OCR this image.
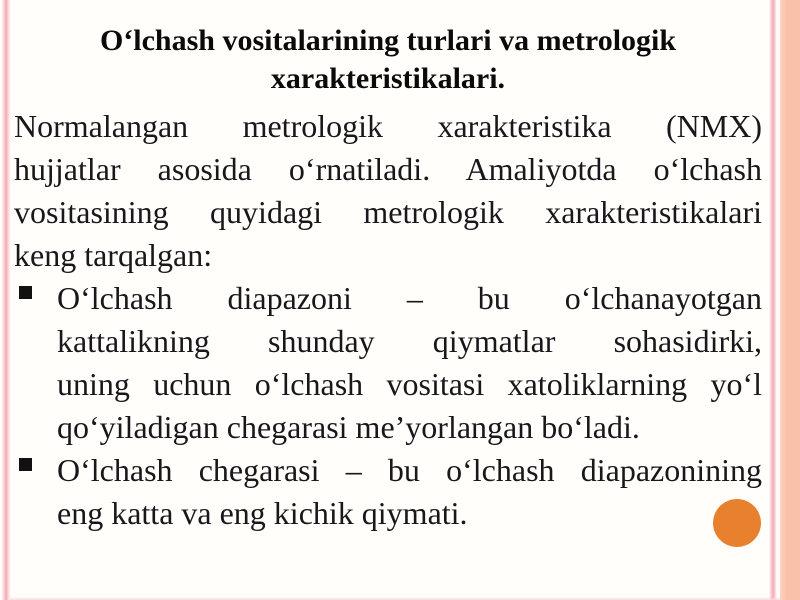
O‘lchash vositalarining turlari va metrologik
xarakteristikalari.
Normalangan metrologik xarakteristika (NMX)
hujjatlar asosida o‘rnatiladi. Amaliyotda o‘lchash
vositasining quyidagi metrologik xarakteristikalari
keng tarqalgan:
O‘lchash diapazoni – bu o‘lchanayotgan
kattalikning shunday qiymatlar sohasidirki,
uning uchun o‘lchash vositasi xatoliklarning yo‘l
qo‘yiladigan chegarasi me’yorlangan bo‘ladi.
O‘lchash chegarasi – bu o‘lchash diapazonining
eng katta va eng kichik qiymati.
